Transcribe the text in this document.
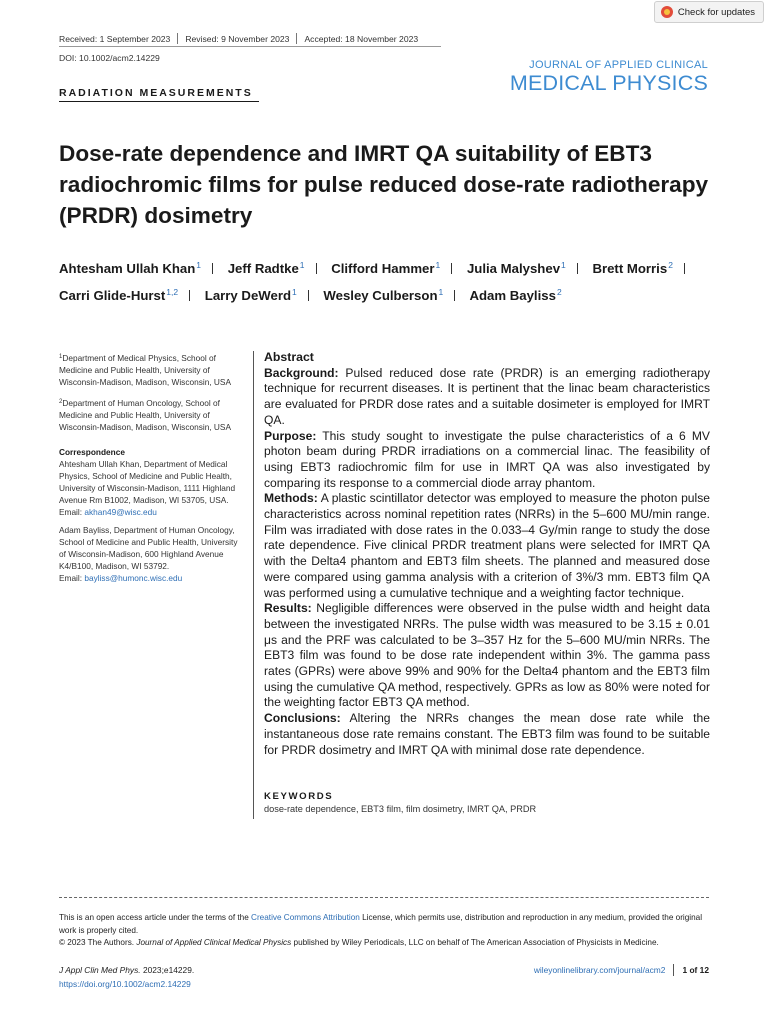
Check for updates
Received: 1 September 2023 Revised: 9 November 2023 Accepted: 18 November 2023
DOI: 10.1002/acm2.14229
JOURNAL OF APPLIED CLINICAL
MEDICAL PHYSICS
RADIATION MEASUREMENTS
Dose-rate dependence and IMRT QA suitability of EBT3 radiochromic films for pulse reduced dose-rate radiotherapy (PRDR) dosimetry
Ahtesham Ullah Khan$^1$ Jeff Radtke$^1$ Clifford Hammer$^1$ Julia Malyshev$^1$ Brett Morris$^2$ Carri Glide-Hurst$^{1,2}$ Larry DeWerd$^1$ Wesley Culberson$^1$ Adam Bayliss$^2$

$^1$Department of Medical Physics, School of Medicine and Public Health, University of Wisconsin-Madison, Madison, Wisconsin, USA

$^2$Department of Human Oncology, School of Medicine and Public Health, University of Wisconsin-Madison, Madison, Wisconsin, USA

Correspondence

Ahtesham Ullah Khan, Department of Medical Physics, School of Medicine and Public Health, University of Wisconsin-Madison, 1111 Highland Avenue Rm B1002, Madison, WI 53705, USA.
Email: akhan49@wisc.edu

Adam Bayliss, Department of Human Oncology, School of Medicine and Public Health, University of Wisconsin-Madison, 600 Highland Avenue K4/B100, Madison, WI 53792.
Email: bayliss@humonc.wisc.edu

Abstract

Background: Pulsed reduced dose rate (PRDR) is an emerging radiotherapy technique for recurrent diseases. It is pertinent that the linac beam characteristics are evaluated for PRDR dose rates and a suitable dosimeter is employed for IMRT QA.

Purpose: This study sought to investigate the pulse characteristics of a 6 MV photon beam during PRDR irradiations on a commercial linac. The feasibility of using EBT3 radiochromic film for use in IMRT QA was also investigated by comparing its response to a commercial diode array phantom.

Methods: A plastic scintillator detector was employed to measure the photon pulse characteristics across nominal repetition rates (NRRs) in the 5–600 MU/min range. Film was irradiated with dose rates in the 0.033–4 Gy/min range to study the dose rate dependence. Five clinical PRDR treatment plans were selected for IMRT QA with the Delta4 phantom and EBT3 film sheets. The planned and measured dose were compared using gamma analysis with a criterion of 3%/3 mm. EBT3 film QA was performed using a cumulative technique and a weighting factor technique.

Results: Negligible differences were observed in the pulse width and height data between the investigated NRRs. The pulse width was measured to be 3.15 ± 0.01 μs and the PRF was calculated to be 3–357 Hz for the 5–600 MU/min NRRs. The EBT3 film was found to be dose rate independent within 3%. The gamma pass rates (GPRs) were above 99% and 90% for the Delta4 phantom and the EBT3 film using the cumulative QA method, respectively. GPRs as low as 80% were noted for the weighting factor EBT3 QA method.

Conclusions: Altering the NRRs changes the mean dose rate while the instantaneous dose rate remains constant. The EBT3 film was found to be suitable for PRDR dosimetry and IMRT QA with minimal dose rate dependence.

KEYWORDS
dose-rate dependence, EBT3 film, film dosimetry, IMRT QA, PRDR
This is an open access article under the terms of the Creative Commons Attribution License, which permits use, distribution and reproduction in any medium, provided the original work is properly cited.
© 2023 The Authors. Journal of Applied Clinical Medical Physics published by Wiley Periodicals, LLC on behalf of The American Association of Physicists in Medicine.
J Appl Clin Med Phys. 2023;e14229.
https://doi.org/10.1002/acm2.14229
wileyonlinelibrary.com/journal/acm2 1 of 12
